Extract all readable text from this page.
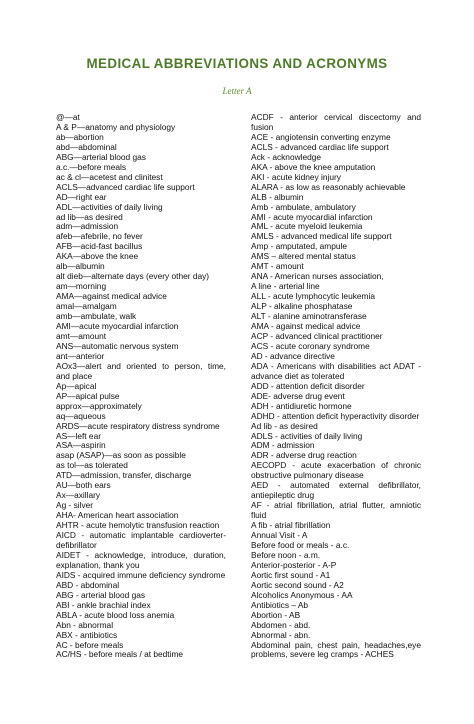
MEDICAL ABBREVIATIONS AND ACRONYMS
Letter A
@—at
A & P—anatomy and physiology
ab—abortion
abd—abdominal
ABG—arterial blood gas
a.c.—before meals
ac & cl—acetest and clinitest
ACLS—advanced cardiac life support
AD—right ear
ADL—activities of daily living
ad lib—as desired
adm—admission
afeb—afebrile, no fever
AFB—acid-fast bacillus
AKA—above the knee
alb—albumin
alt dieb—alternate days (every other day)
am—morning
AMA—against medical advice
amal—amalgam
amb—ambulate, walk
AMI—acute myocardial infarction
amt—amount
ANS—automatic nervous system
ant—anterior
AOx3—alert and oriented to person, time, and place
Ap—apical
AP—apical pulse
approx—approximately
aq—aqueous
ARDS—acute respiratory distress syndrome
AS—left ear
ASA—aspirin
asap (ASAP)—as soon as possible
as tol—as tolerated
ATD—admission, transfer, discharge
AU—both ears
Ax—axillary
Ag - silver
AHA- American heart association
AHTR - acute hemolytic transfusion reaction
AICD - automatic implantable cardioverter-defibrillator
AIDET - acknowledge, introduce, duration, explanation, thank you
AIDS - acquired immune deficiency syndrome
ABD - abdominal
ABG - arterial blood gas
ABI - ankle brachial index
ABLA - acute blood loss anemia
Abn - abnormal
ABX - antibiotics
AC - before meals
AC/HS - before meals / at bedtime
ACDF - anterior cervical discectomy and fusion
ACE - angiotensin converting enzyme
ACLS - advanced cardiac life support
Ack - acknowledge
AKA - above the knee amputation
AKI - acute kidney injury
ALARA - as low as reasonably achievable
ALB - albumin
Amb - ambulate, ambulatory
AMI - acute myocardial infarction
AML - acute myeloid leukemia
AMLS - advanced medical life support
Amp - amputated, ampule
AMS – altered mental status
AMT - amount
ANA - American nurses association,
A line - arterial line
ALL - acute lymphocytic leukemia
ALP - alkaline phosphatase
ALT - alanine aminotransferase
AMA - against medical advice
ACP - advanced clinical practitioner
ACS - acute coronary syndrome
AD - advance directive
ADA - Americans with disabilities act ADAT - advance diet as tolerated
ADD - attention deficit disorder
ADE- adverse drug event
ADH - antidiuretic hormone
ADHD - attention deficit hyperactivity disorder
Ad lib - as desired
ADLS - activities of daily living
ADM - admission
ADR - adverse drug reaction
AECOPD - acute exacerbation of chronic obstructive pulmonary disease
AED - automated external defibrillator, antiepileptic drug
AF - atrial fibrillation, atrial flutter, amniotic fluid
A fib - atrial fibrillation
Annual Visit - A
Before food or meals - a.c.
Before noon - a.m.
Anterior-posterior - A-P
Aortic first sound - A1
Aortic second sound - A2
Alcoholics Anonymous - AA
Antibiotics – Ab
Abortion - AB
Abdomen - abd.
Abnormal - abn.
Abdominal pain, chest pain, headaches,eye problems, severe leg cramps - ACHES
